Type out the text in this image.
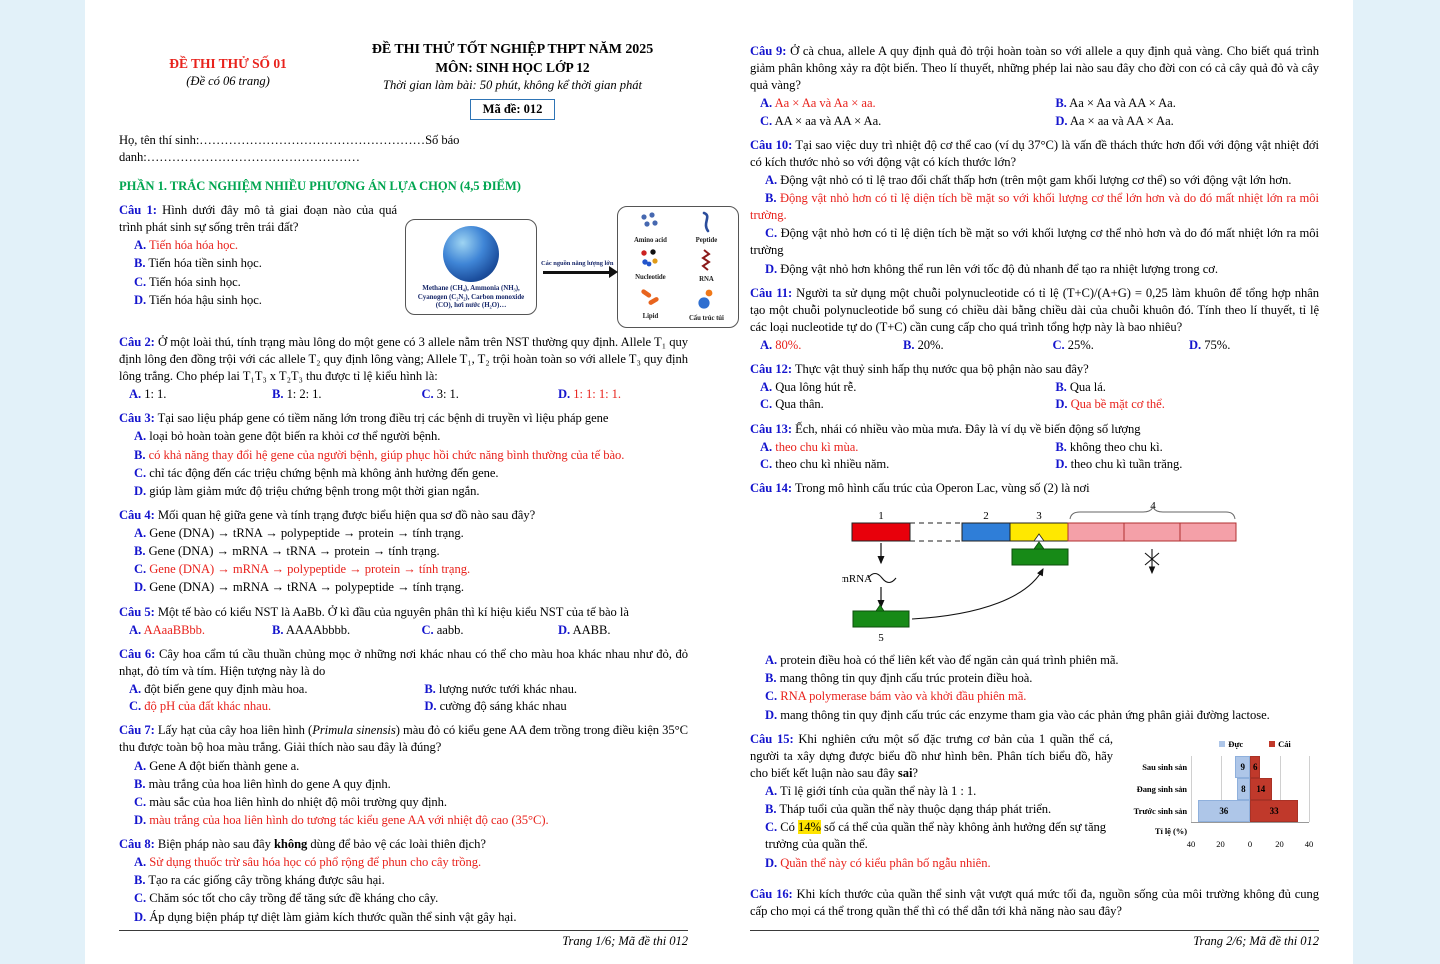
ĐỀ THI THỬ SỐ 01
(Đề có 06 trang)
ĐỀ THI THỬ TỐT NGHIỆP THPT NĂM 2025
MÔN: SINH HỌC LỚP 12
Thời gian làm bài: 50 phút, không kể thời gian phát
Mã đề: 012

Họ, tên thí sinh:………………………………………………Số báo danh:……………………………………………

PHẦN 1. TRẮC NGHIỆM NHIỀU PHƯƠNG ÁN LỰA CHỌN (4,5 ĐIỂM)

Câu 1: Hình dưới đây mô tả giai đoạn nào của quá trình phát sinh sự sống trên trái đất?

A. Tiến hóa hóa học.
B. Tiến hóa tiền sinh học.
C. Tiến hóa sinh học.
D. Tiến hóa hậu sinh học.
Methane (CH₄), Ammonia (NH₃), Cyanogen (C₂N₂), Carbon monoxide (CO), hơi nước (H₂O)…
Các nguồn năng lượng lớn
Amino acid	Peptide
Nucleotide	RNA
Lipid	Cấu trúc túi

Câu 2: Ở một loài thú, tính trạng màu lông do một gene có 3 allele nằm trên NST thường quy định. Allele T₁ quy định lông đen đồng trội với các allele T₂ quy định lông vàng; Allele T₁, T₂ trội hoàn toàn so với allele T₃ quy định lông trắng. Cho phép lai T₁T₃ x T₂T₃ thu được tỉ lệ kiểu hình là:

A. 1: 1.	B. 1: 2: 1.	C. 3: 1.	D. 1: 1: 1: 1.

Câu 3: Tại sao liệu pháp gene có tiềm năng lớn trong điều trị các bệnh di truyền vì liệu pháp gene

A. loại bỏ hoàn toàn gene đột biến ra khỏi cơ thể người bệnh.
B. có khả năng thay đổi hệ gene của người bệnh, giúp phục hồi chức năng bình thường của tế bào.
C. chỉ tác động đến các triệu chứng bệnh mà không ảnh hưởng đến gene.
D. giúp làm giảm mức độ triệu chứng bệnh trong một thời gian ngắn.

Câu 4: Mối quan hệ giữa gene và tính trạng được biểu hiện qua sơ đồ nào sau đây?

A. Gene (DNA) → tRNA → polypeptide → protein → tính trạng.
B. Gene (DNA) → mRNA → tRNA → protein → tính trạng.
C. Gene (DNA) → mRNA → polypeptide → protein → tính trạng.
D. Gene (DNA) → mRNA → tRNA → polypeptide → tính trạng.

Câu 5: Một tế bào có kiểu NST là AaBb. Ở kì đầu của nguyên phân thì kí hiệu kiểu NST của tế bào là

A. AAaaBBbb.	B. AAAAbbbb.	C. aabb.	D. AABB.

Câu 6: Cây hoa cẩm tú cầu thuần chủng mọc ở những nơi khác nhau có thể cho màu hoa khác nhau như đỏ, đỏ nhạt, đỏ tím và tím. Hiện tượng này là do

A. đột biến gene quy định màu hoa.	B. lượng nước tưới khác nhau.
C. độ pH của đất khác nhau.	D. cường độ sáng khác nhau

Câu 7: Lấy hạt của cây hoa liên hình (Primula sinensis) màu đỏ có kiểu gene AA đem trồng trong điều kiện 35°C thu được toàn bộ hoa màu trắng. Giải thích nào sau đây là đúng?

A. Gene A đột biến thành gene a.
B. màu trắng của hoa liên hình do gene A quy định.
C. màu sắc của hoa liên hình do nhiệt độ môi trường quy định.
D. màu trắng của hoa liên hình do tương tác kiểu gene AA với nhiệt độ cao (35°C).

Câu 8: Biện pháp nào sau đây không dùng để bảo vệ các loài thiên địch?

A. Sử dụng thuốc trừ sâu hóa học có phổ rộng để phun cho cây trồng.
B. Tạo ra các giống cây trồng kháng được sâu hại.
C. Chăm sóc tốt cho cây trồng để tăng sức đề kháng cho cây.
D. Áp dụng biện pháp tự diệt làm giảm kích thước quần thể sinh vật gây hại.
Trang 1/6; Mã đề thi 012

Câu 9: Ở cà chua, allele A quy định quả đỏ trội hoàn toàn so với allele a quy định quả vàng. Cho biết quá trình giảm phân không xảy ra đột biến. Theo lí thuyết, những phép lai nào sau đây cho đời con có cả cây quả đỏ và cây quả vàng?

A. Aa × Aa và Aa × aa.	B. Aa × Aa và AA × Aa.
C. AA × aa và AA × Aa.	D. Aa × aa và AA × Aa.

Câu 10: Tại sao việc duy trì nhiệt độ cơ thể cao (ví dụ 37°C) là vấn đề thách thức hơn đối với động vật nhiệt đới có kích thước nhỏ so với động vật có kích thước lớn?

A. Động vật nhỏ có tỉ lệ trao đổi chất thấp hơn (trên một gam khối lượng cơ thể) so với động vật lớn hơn.

B. Động vật nhỏ hơn có tỉ lệ diện tích bề mặt so với khối lượng cơ thể lớn hơn và do đó mất nhiệt lớn ra môi trường.

C. Động vật nhỏ hơn có tỉ lệ diện tích bề mặt so với khối lượng cơ thể nhỏ hơn và do đó mất nhiệt lớn ra môi trường

D. Động vật nhỏ hơn không thể run lên với tốc độ đủ nhanh để tạo ra nhiệt lượng trong cơ.

Câu 11: Người ta sử dụng một chuỗi polynucleotide có tỉ lệ (T+C)/(A+G) = 0,25 làm khuôn để tổng hợp nhân tạo một chuỗi polynucleotide bổ sung có chiều dài bằng chiều dài của chuỗi khuôn đó. Tính theo lí thuyết, tỉ lệ các loại nucleotide tự do (T+C) cần cung cấp cho quá trình tổng hợp này là bao nhiêu?

A. 80%.	B. 20%.	C. 25%.	D. 75%.

Câu 12: Thực vật thuỷ sinh hấp thụ nước qua bộ phận nào sau đây?

A. Qua lông hút rễ.	B. Qua lá.
C. Qua thân.	D. Qua bề mặt cơ thể.

Câu 13: Ếch, nhái có nhiều vào mùa mưa. Đây là ví dụ về biến động số lượng

A. theo chu kì mùa.	B. không theo chu kì.
C. theo chu kì nhiều năm.	D. theo chu kì tuần trăng.

Câu 14: Trong mô hình cấu trúc của Operon Lac, vùng số (2) là nơi

1	2	3
4
mRNA
5
A. protein điều hoà có thể liên kết vào để ngăn cản quá trình phiên mã.
B. mang thông tin quy định cấu trúc protein điều hoà.
C. RNA polymerase bám vào và khởi đầu phiên mã.
D. mang thông tin quy định cấu trúc các enzyme tham gia vào các phản ứng phân giải đường lactose.

Câu 15: Khi nghiên cứu một số đặc trưng cơ bản của 1 quần thể cá, người ta xây dựng được biểu đồ như hình bên. Phân tích biểu đồ, hãy cho biết kết luận nào sau đây sai?

A. Tỉ lệ giới tính của quần thể này là 1 : 1.
B. Tháp tuổi của quần thể này thuộc dạng tháp phát triển.
C. Có 14% số cá thể của quần thể này không ảnh hưởng đến sự tăng trưởng của quần thể.
D. Quần thể này có kiểu phân bố ngẫu nhiên.
Đực	Cái
Sau sinh sản
Đang sinh sản
Trước sinh sản
Tỉ lệ (%)
9 6
8 14
36	33
40 20	0	20 40

Câu 16: Khi kích thước của quần thể sinh vật vượt quá mức tối đa, nguồn sống của môi trường không đủ cung cấp cho mọi cá thể trong quần thể thì có thể dẫn tới khả năng nào sau đây?

Trang 2/6; Mã đề thi 012
